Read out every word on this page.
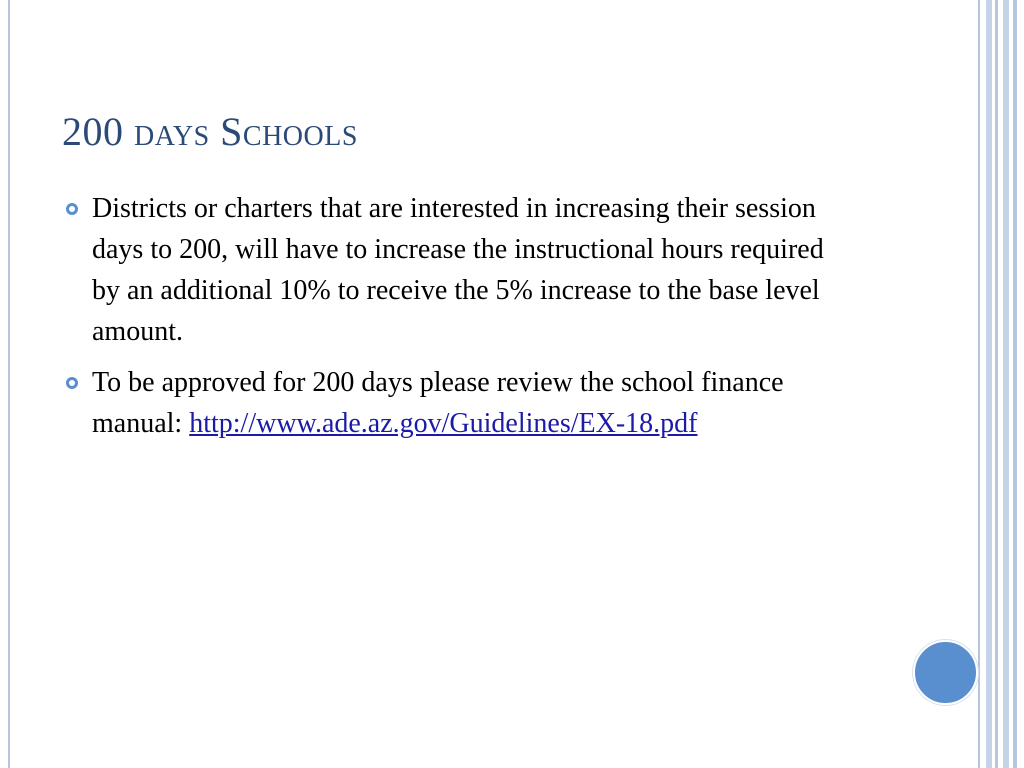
200 days Schools
Districts or charters that are interested in increasing their session days to 200, will have to increase the instructional hours required by an additional 10% to receive the 5% increase to the base level amount.
To be approved for 200 days please review the school finance manual: http://www.ade.az.gov/Guidelines/EX-18.pdf
